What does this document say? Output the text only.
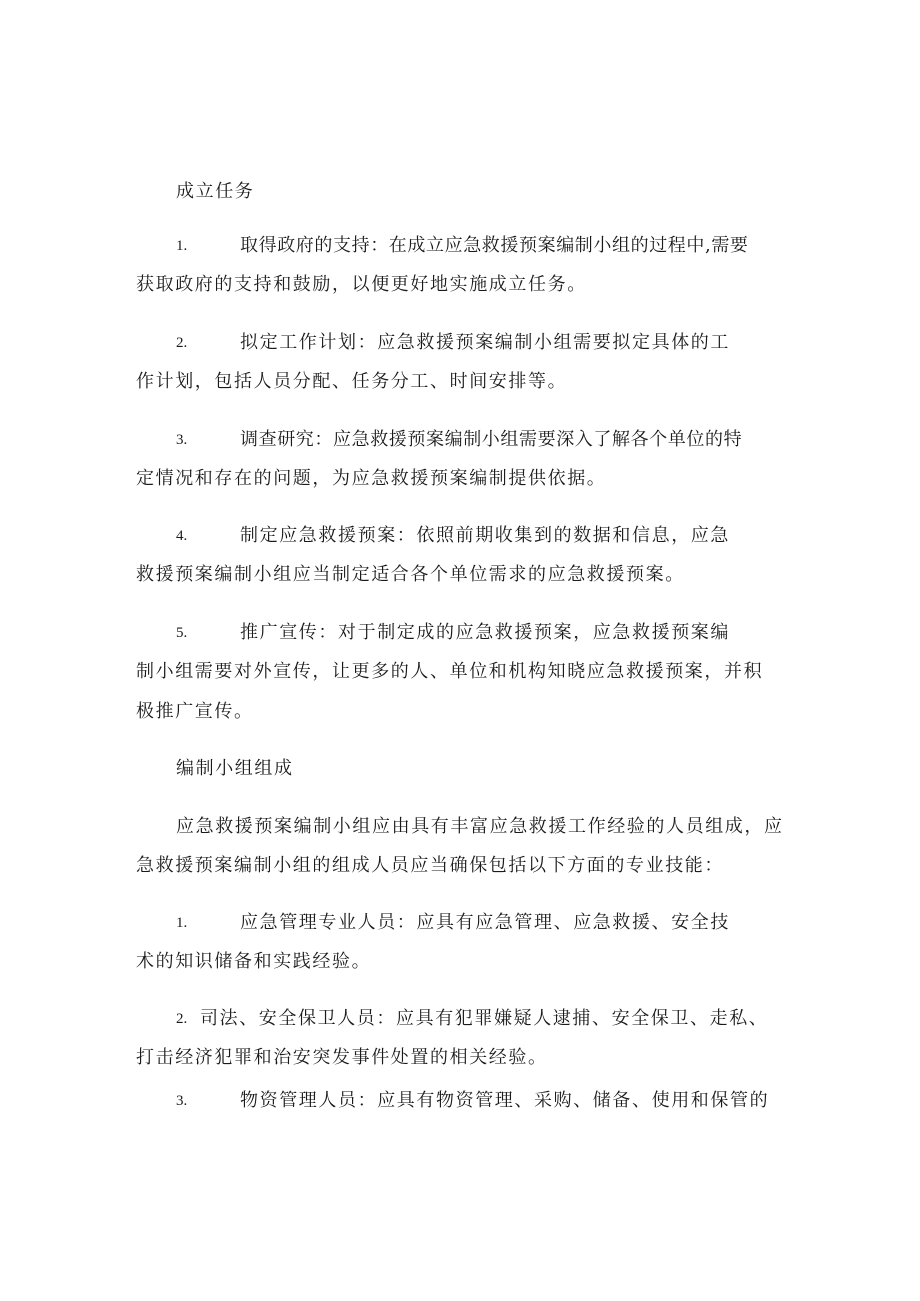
成立任务
1.	取得政府的支持：在成立应急救援预案编制小组的过程中,需要
获取政府的支持和鼓励，以便更好地实施成立任务。
2.	拟定工作计划：应急救援预案编制小组需要拟定具体的工
作计划，包括人员分配、任务分工、时间安排等。
3.	调查研究：应急救援预案编制小组需要深入了解各个单位的特
定情况和存在的问题，为应急救援预案编制提供依据。
4.	制定应急救援预案：依照前期收集到的数据和信息，应急
救援预案编制小组应当制定适合各个单位需求的应急救援预案。
5.	推广宣传：对于制定成的应急救援预案，应急救援预案编
制小组需要对外宣传，让更多的人、单位和机构知晓应急救援预案，并积
极推广宣传。
编制小组组成
应急救援预案编制小组应由具有丰富应急救援工作经验的人员组成，应
急救援预案编制小组的组成人员应当确保包括以下方面的专业技能：
1.	应急管理专业人员：应具有应急管理、应急救援、安全技
术的知识储备和实践经验。
2. 司法、安全保卫人员：应具有犯罪嫌疑人逮捕、安全保卫、走私、
打击经济犯罪和治安突发事件处置的相关经验。
3.	物资管理人员：应具有物资管理、采购、储备、使用和保管的
